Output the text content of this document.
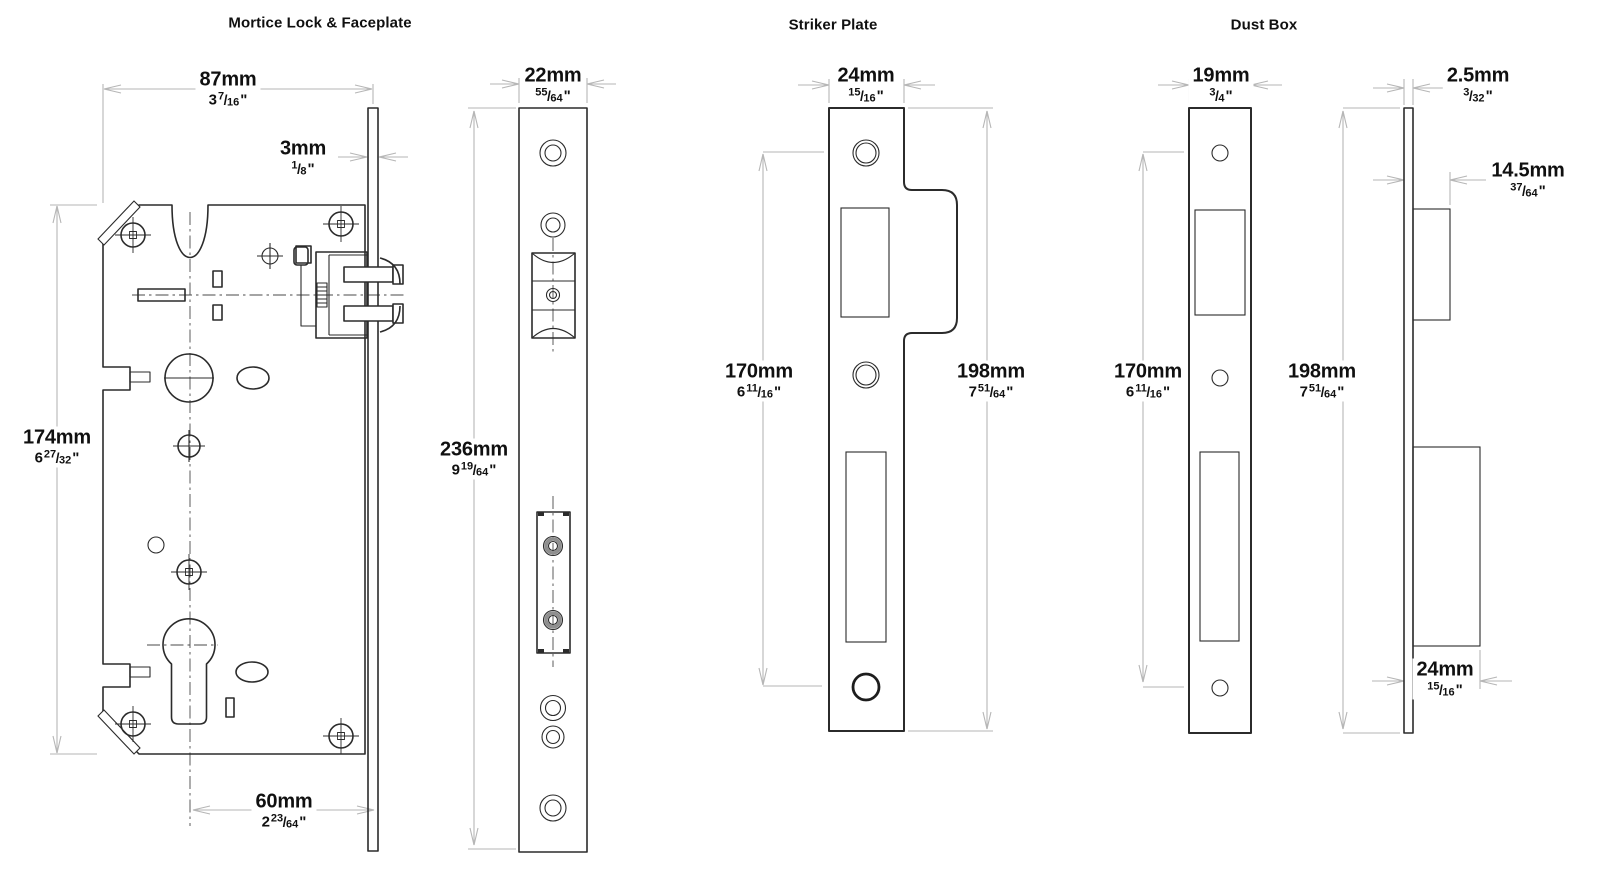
Mortice Lock & Faceplate	Striker Plate	Dust Box
87mm
$3^7/16$"
3mm
$^1$/8"
174mm
$6^{27}/32$"
60mm
$2^{23}/64$"
22mm
$^{55}$/64"
236mm
$9^{19}/64$"
24mm
$^{15}$/16"
170mm
$6^{11}/16$"
198mm
$7^{51}/64$"
19mm
$^3$/4"
170mm
$6^{11}/16$"
198mm
$7^{51}/64$"
2.5mm
$^3$/32"
14.5mm
$^{37}$/64"
24mm
$^{15}$/16"
